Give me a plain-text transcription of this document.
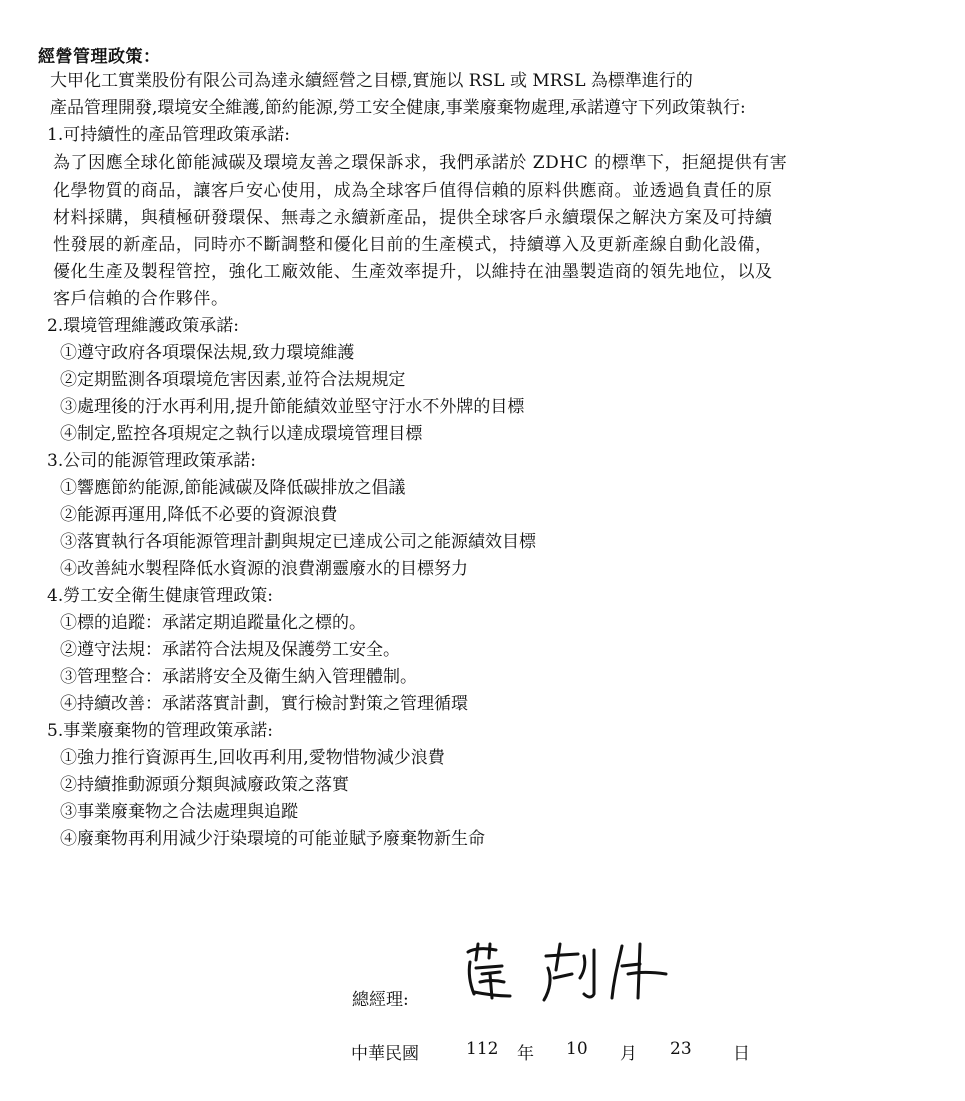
經營管理政策：
大甲化工實業股份有限公司為達永續經營之目標,實施以 RSL 或 MRSL 為標準進行的
產品管理開發,環境安全維護,節約能源,勞工安全健康,事業廢棄物處理,承諾遵守下列政策執行:
1.可持續性的產品管理政策承諾:
為了因應全球化節能減碳及環境友善之環保訴求，我們承諾於 ZDHC 的標準下，拒絕提供有害
化學物質的商品，讓客戶安心使用，成為全球客戶值得信賴的原料供應商。並透過負責任的原
材料採購，與積極研發環保、無毒之永續新產品，提供全球客戶永續環保之解決方案及可持續
性發展的新產品，同時亦不斷調整和優化目前的生產模式，持續導入及更新產線自動化設備，
優化生產及製程管控，強化工廠效能、生產效率提升，以維持在油墨製造商的領先地位，以及
客戶信賴的合作夥伴。
2.環境管理維護政策承諾:
①遵守政府各項環保法規,致力環境維護
②定期監測各項環境危害因素,並符合法規規定
③處理後的汙水再利用,提升節能績效並堅守汙水不外牌的目標
④制定,監控各項規定之執行以達成環境管理目標
3.公司的能源管理政策承諾:
①響應節約能源,節能減碳及降低碳排放之倡議
②能源再運用,降低不必要的資源浪費
③落實執行各項能源管理計劃與規定已達成公司之能源績效目標
④改善純水製程降低水資源的浪費潮靈廢水的目標努力
4.勞工安全衛生健康管理政策:
①標的追蹤：承諾定期追蹤量化之標的。
②遵守法規：承諾符合法規及保護勞工安全。
③管理整合：承諾將安全及衛生納入管理體制。
④持續改善：承諾落實計劃，實行檢討對策之管理循環
5.事業廢棄物的管理政策承諾:
①強力推行資源再生,回收再利用,愛物惜物減少浪費
②持續推動源頭分類與減廢政策之落實
③事業廢棄物之合法處理與追蹤
④廢棄物再利用減少汙染環境的可能並賦予廢棄物新生命
總經理:
中華民國	112 年 10 月 23 日
